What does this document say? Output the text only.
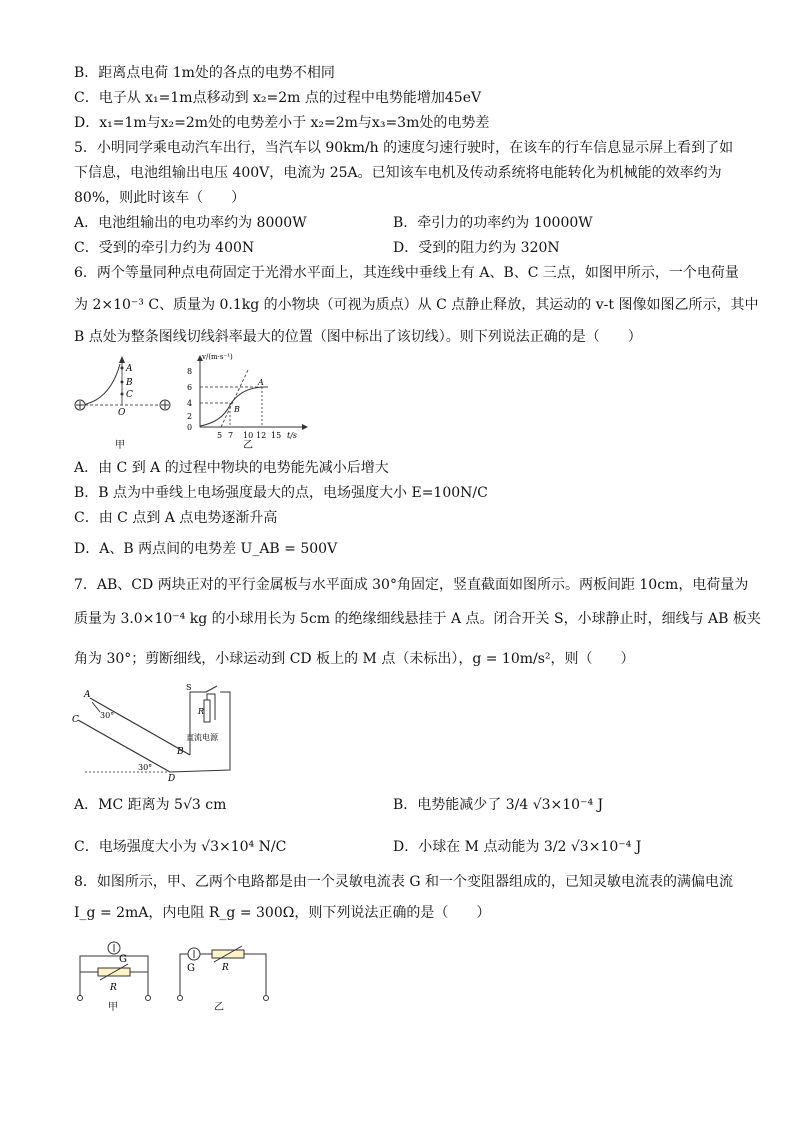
B．距离点电荷 1m处的各点的电势不相同
C．电子从 x₁=1m点移动到 x₂=2m 点的过程中电势能增加45eV
D．x₁=1m与x₂=2m处的电势差小于 x₂=2m与x₃=3m处的电势差
5．小明同学乘电动汽车出行，当汽车以 90km/h 的速度匀速行驶时，在该车的行车信息显示屏上看到了如
下信息，电池组输出电压 400V，电流为 25A。已知该车电机及传动系统将电能转化为机械能的效率约为
80%，则此时该车（　　）
A．电池组输出的电功率约为 8000W	B．牵引力的功率约为 10000W
C．受到的牵引力约为 400N	D．受到的阻力约为 320N
6．两个等量同种点电荷固定于光滑水平面上，其连线中垂线上有 A、B、C 三点，如图甲所示，一个电荷量
为 2×10⁻³ C、质量为 0.1kg 的小物块（可视为质点）从 C 点静止释放，其运动的 v-t 图像如图乙所示，其中
B 点处为整条图线切线斜率最大的位置（图中标出了该切线）。则下列说法正确的是（　　）
A
B
C
O
甲
v/(m·s⁻¹)
t/s
8
6
4
2
0
5 7 10 12 15
B
A
乙
A．由 C 到 A 的过程中物块的电势能先减小后增大
B．B 点为中垂线上电场强度最大的点，电场强度大小 E=100N/C
C．由 C 点到 A 点电势逐渐升高
D．A、B 两点间的电势差 U_AB = 500V
7．AB、CD 两块正对的平行金属板与水平面成 30°角固定，竖直截面如图所示。两板间距 10cm，电荷量为
质量为 3.0×10⁻⁴ kg 的小球用长为 5cm 的绝缘细线悬挂于 A 点。闭合开关 S，小球静止时，细线与 AB 板夹
角为 30°；剪断细线，小球运动到 CD 板上的 M 点（未标出），g = 10m/s²，则（　　）
A
C
B
D
30°
30°
S
R
直流电源
A．MC 距离为 5√3 cm	B．电势能减少了 3/4 √3×10⁻⁴ J
C．电场强度大小为 √3×10⁴ N/C	D．小球在 M 点动能为 3/2 √3×10⁻⁴ J
8．如图所示，甲、乙两个电路都是由一个灵敏电流表 G 和一个变阻器组成的，已知灵敏电流表的满偏电流
I_g = 2mA，内电阻 R_g = 300Ω，则下列说法正确的是（　　）
G
R
甲
G	R
乙
